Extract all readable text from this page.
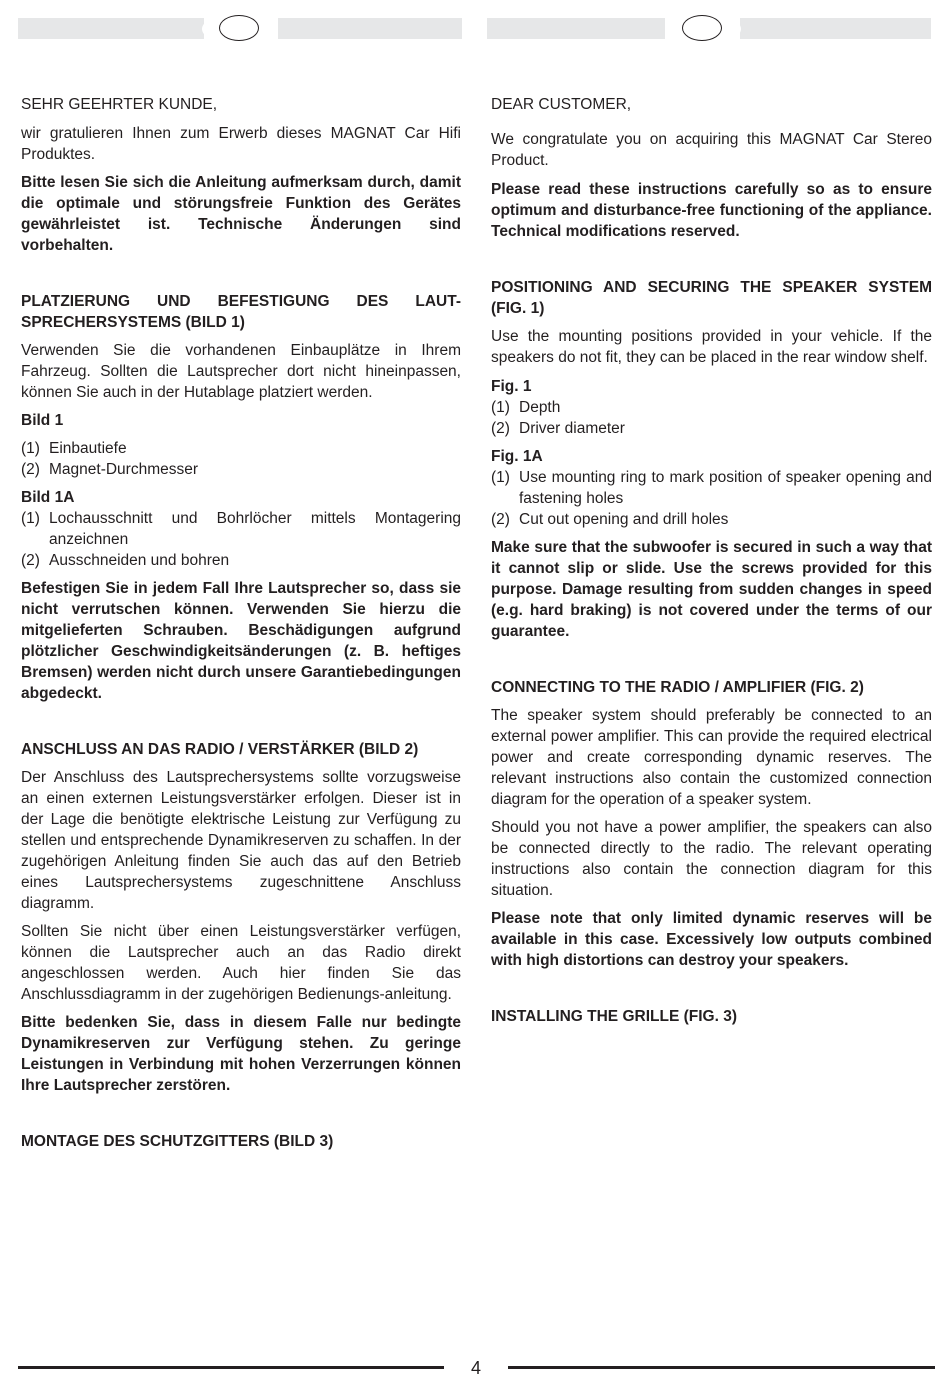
SEHR GEEHRTER KUNDE,

wir gratulieren Ihnen zum Erwerb dieses MAGNAT Car Hifi Produktes.

Bitte lesen Sie sich die Anleitung aufmerksam durch, damit die optimale und störungsfreie Funktion des Gerätes gewährleistet ist. Technische Änderungen sind vorbehalten.

PLATZIERUNG UND BEFESTIGUNG DES LAUT-SPRECHERSYSTEMS (BILD 1)

Verwenden Sie die vorhandenen Einbauplätze in Ihrem Fahrzeug. Sollten die Lautsprecher dort nicht hineinpassen, können Sie auch in der Hutablage platziert werden.

Bild 1

(1) Einbautiefe
(2) Magnet-Durchmesser

Bild 1A

(1) Lochausschnitt und Bohrlöcher mittels Montagering anzeichnen
(2) Ausschneiden und bohren

Befestigen Sie in jedem Fall Ihre Lautsprecher so, dass sie nicht verrutschen können. Verwenden Sie hierzu die mitgelieferten Schrauben. Beschädigungen aufgrund plötzlicher Geschwindigkeitsänderungen (z. B. heftiges Bremsen) werden nicht durch unsere Garantiebedingungen abgedeckt.

ANSCHLUSS AN DAS RADIO / VERSTÄRKER (BILD 2)

Der Anschluss des Lautsprechersystems sollte vorzugsweise an einen externen Leistungsverstärker erfolgen. Dieser ist in der Lage die benötigte elektrische Leistung zur Verfügung zu stellen und entsprechende Dynamikreserven zu schaffen. In der zugehörigen Anleitung finden Sie auch das auf den Betrieb eines Lautsprechersystems zugeschnittene Anschluss diagramm.

Sollten Sie nicht über einen Leistungsverstärker verfügen, können die Lautsprecher auch an das Radio direkt angeschlossen werden. Auch hier finden Sie das Anschlussdiagramm in der zugehörigen Bedienungs-anleitung.

Bitte bedenken Sie, dass in diesem Falle nur bedingte Dynamikreserven zur Verfügung stehen. Zu geringe Leistungen in Verbindung mit hohen Verzerrungen können Ihre Lautsprecher zerstören.

MONTAGE DES SCHUTZGITTERS (BILD 3)

DEAR CUSTOMER,

We congratulate you on acquiring this MAGNAT Car Stereo Product.

Please read these instructions carefully so as to ensure optimum and disturbance-free functioning of the appliance. Technical modifications reserved.

POSITIONING AND SECURING THE SPEAKER SYSTEM (FIG. 1)

Use the mounting positions provided in your vehicle. If the speakers do not fit, they can be placed in the rear window shelf.

Fig. 1

(1) Depth
(2) Driver diameter

Fig. 1A

(1) Use mounting ring to mark position of speaker opening and fastening holes
(2) Cut out opening and drill holes

Make sure that the subwoofer is secured in such a way that it cannot slip or slide. Use the screws provided for this purpose. Damage resulting from sudden changes in speed (e.g. hard braking) is not covered under the terms of our guarantee.

CONNECTING TO THE RADIO / AMPLIFIER (FIG. 2)

The speaker system should preferably be connected to an external power amplifier. This can provide the required electrical power and create corresponding dynamic reserves. The relevant instructions also contain the customized connection diagram for the operation of a speaker system.

Should you not have a power amplifier, the speakers can also be connected directly to the radio. The relevant operating instructions also contain the connection diagram for this situation.

Please note that only limited dynamic reserves will be available in this case. Excessively low outputs combined with high distortions can destroy your speakers.

INSTALLING THE GRILLE (FIG. 3)

4
